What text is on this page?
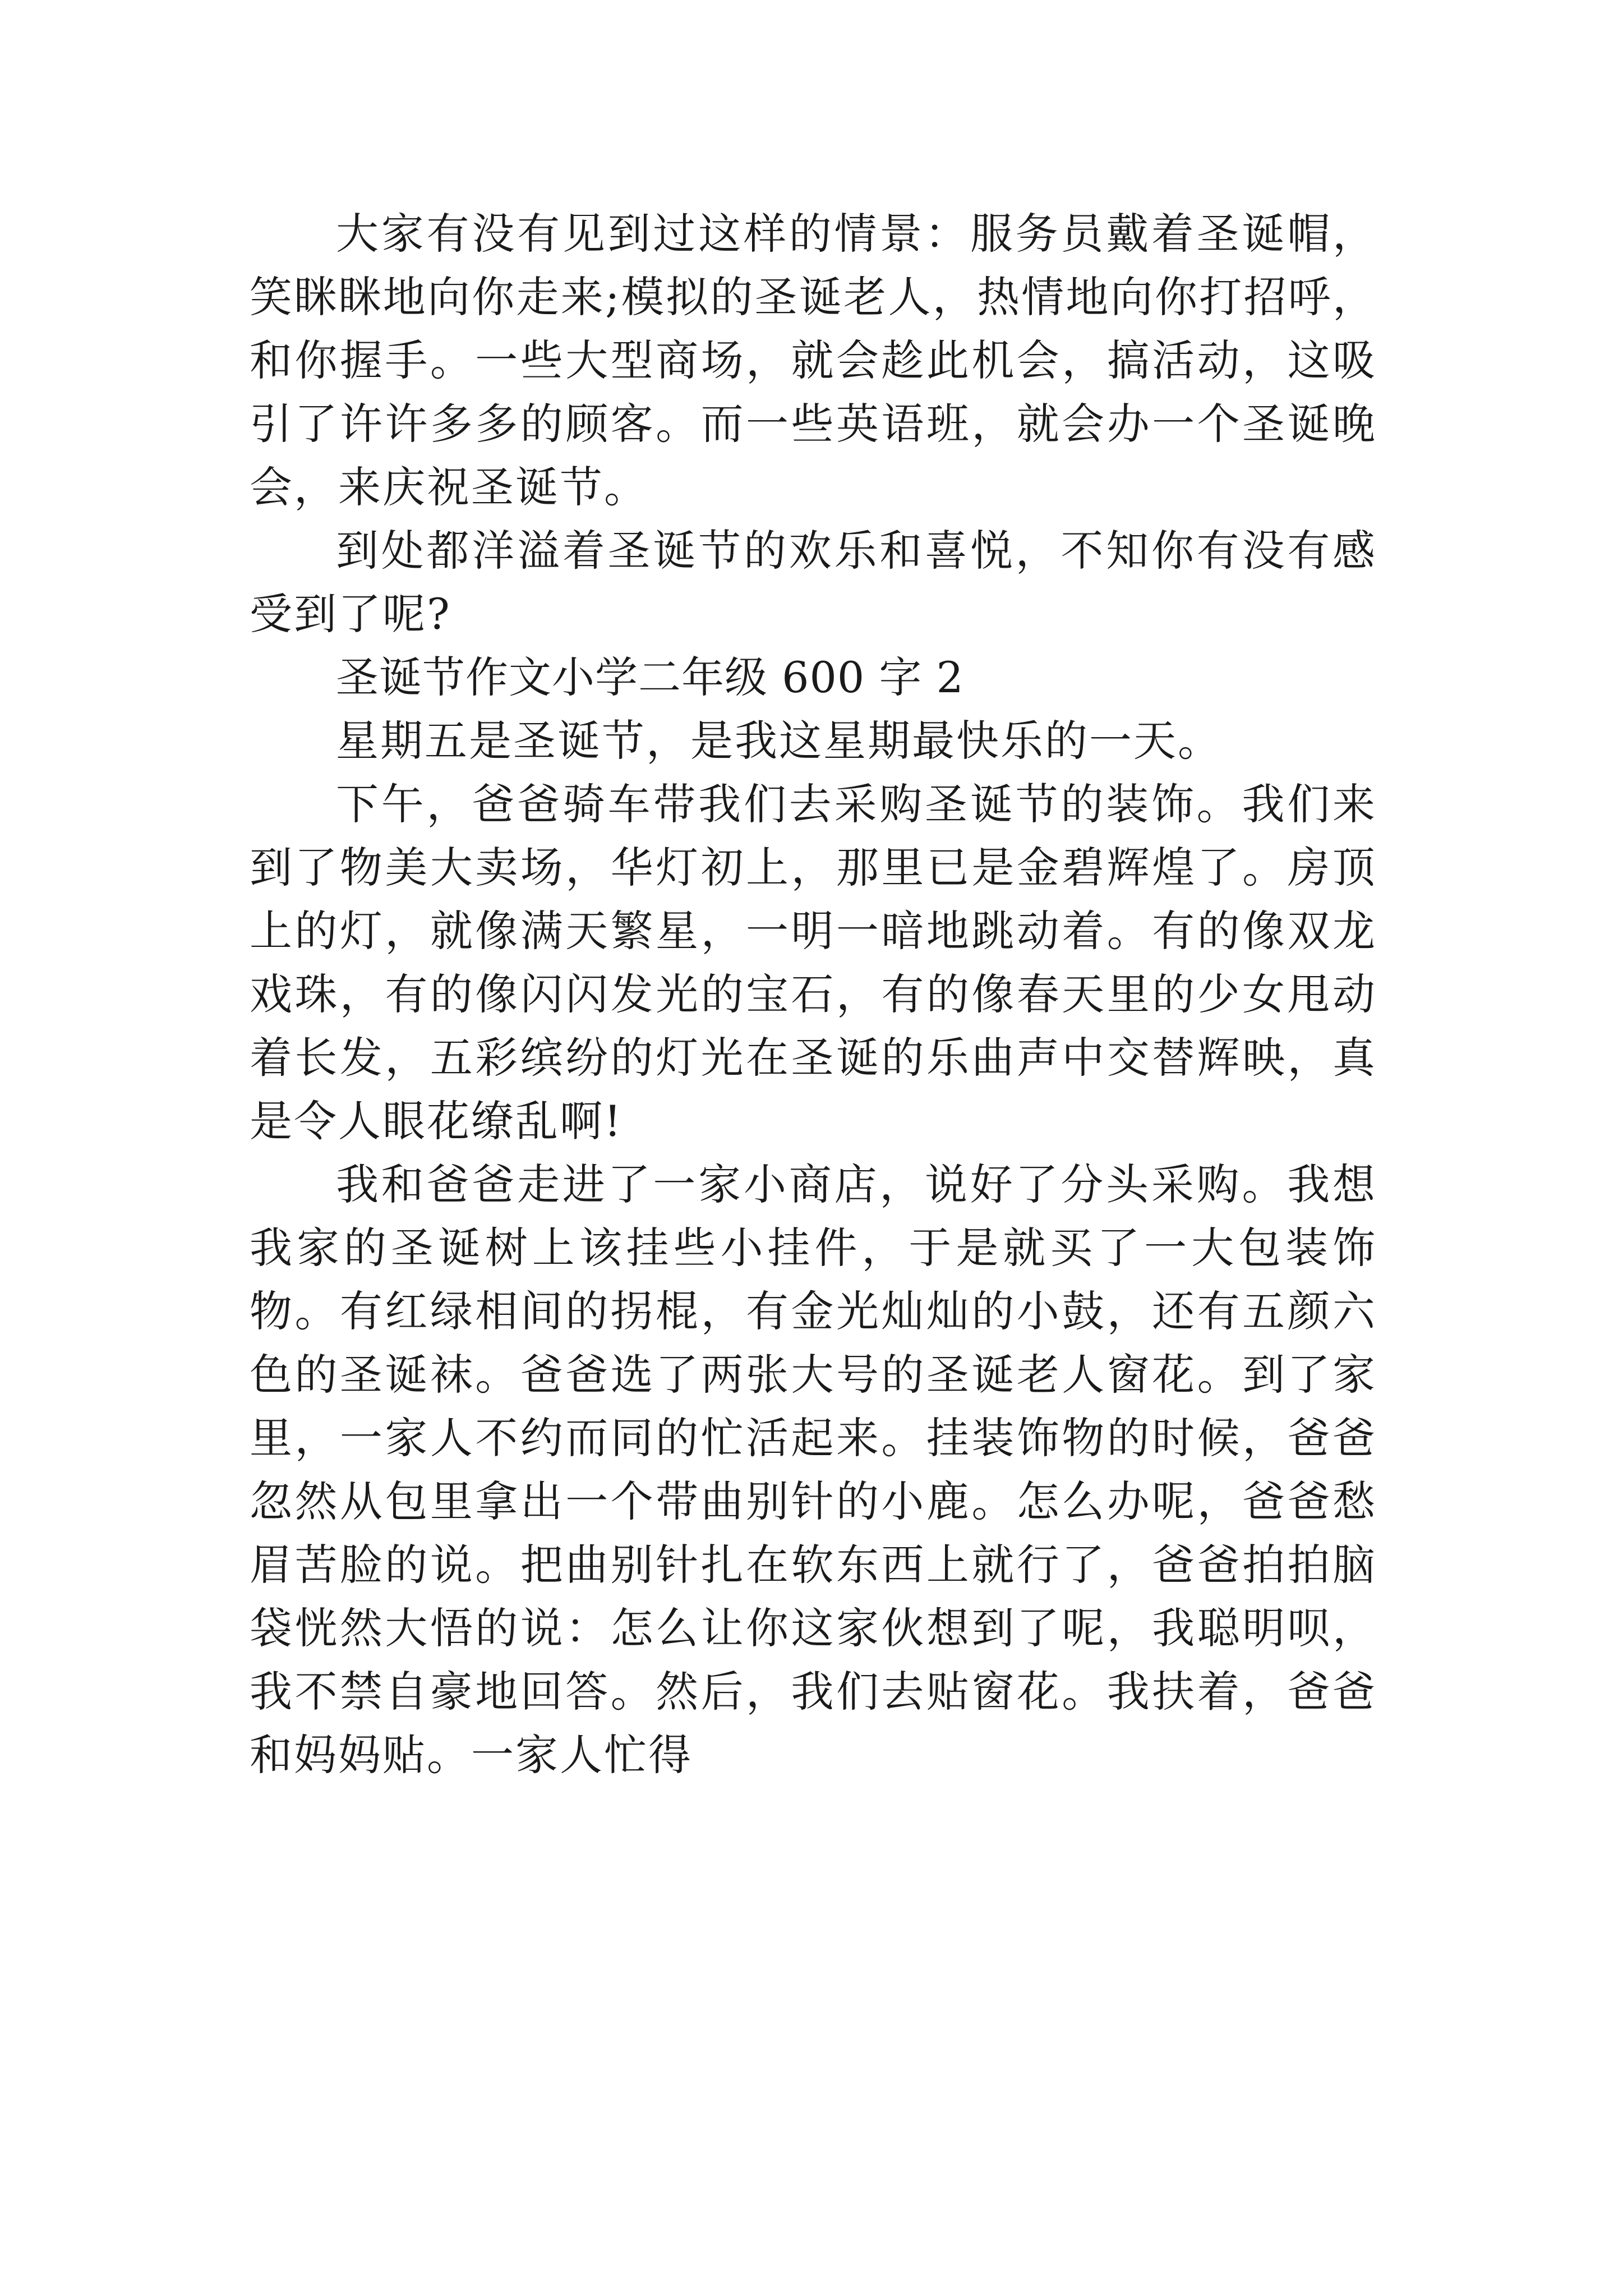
大家有没有见到过这样的情景：服务员戴着圣诞帽，笑眯眯地向你走来;模拟的圣诞老人，热情地向你打招呼，和你握手。一些大型商场，就会趁此机会，搞活动，这吸引了许许多多的顾客。而一些英语班，就会办一个圣诞晚会，来庆祝圣诞节。

到处都洋溢着圣诞节的欢乐和喜悦，不知你有没有感受到了呢?

圣诞节作文小学二年级 600 字 2

星期五是圣诞节，是我这星期最快乐的一天。

下午，爸爸骑车带我们去采购圣诞节的装饰。我们来到了物美大卖场，华灯初上，那里已是金碧辉煌了。房顶上的灯，就像满天繁星，一明一暗地跳动着。有的像双龙戏珠，有的像闪闪发光的宝石，有的像春天里的少女甩动着长发，五彩缤纷的灯光在圣诞的乐曲声中交替辉映，真是令人眼花缭乱啊!

我和爸爸走进了一家小商店，说好了分头采购。我想我家的圣诞树上该挂些小挂件，于是就买了一大包装饰物。有红绿相间的拐棍，有金光灿灿的小鼓，还有五颜六色的圣诞袜。爸爸选了两张大号的圣诞老人窗花。到了家里，一家人不约而同的忙活起来。挂装饰物的时候，爸爸忽然从包里拿出一个带曲别针的小鹿。怎么办呢，爸爸愁眉苦脸的说。把曲别针扎在软东西上就行了，爸爸拍拍脑袋恍然大悟的说：怎么让你这家伙想到了呢，我聪明呗，我不禁自豪地回答。然后，我们去贴窗花。我扶着，爸爸和妈妈贴。一家人忙得
